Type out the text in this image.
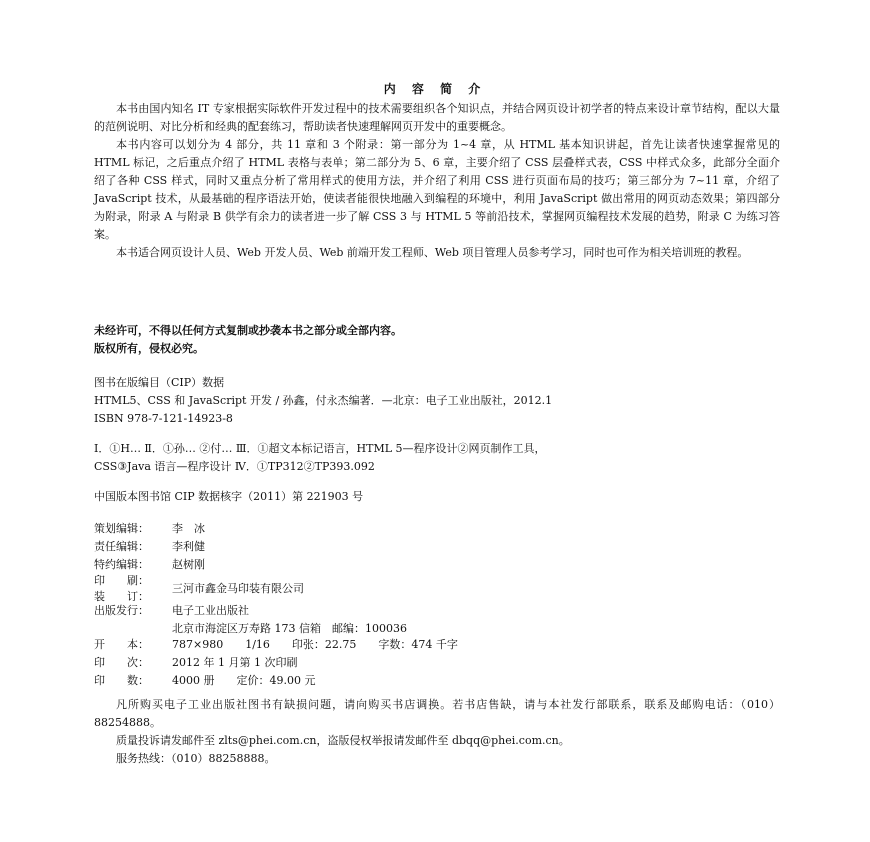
内 容 简 介

本书由国内知名 IT 专家根据实际软件开发过程中的技术需要组织各个知识点，并结合网页设计初学者的特点来设计章节结构，配以大量的范例说明、对比分析和经典的配套练习，帮助读者快速理解网页开发中的重要概念。

本书内容可以划分为 4 部分，共 11 章和 3 个附录：第一部分为 1~4 章，从 HTML 基本知识讲起，首先让读者快速掌握常见的 HTML 标记，之后重点介绍了 HTML 表格与表单；第二部分为 5、6 章，主要介绍了 CSS 层叠样式表，CSS 中样式众多，此部分全面介绍了各种 CSS 样式，同时又重点分析了常用样式的使用方法，并介绍了利用 CSS 进行页面布局的技巧；第三部分为 7~11 章，介绍了 JavaScript 技术，从最基础的程序语法开始，使读者能很快地融入到编程的环境中，利用 JavaScript 做出常用的网页动态效果；第四部分为附录，附录 A 与附录 B 供学有余力的读者进一步了解 CSS 3 与 HTML 5 等前沿技术，掌握网页编程技术发展的趋势，附录 C 为练习答案。

本书适合网页设计人员、Web 开发人员、Web 前端开发工程师、Web 项目管理人员参考学习，同时也可作为相关培训班的教程。

未经许可，不得以任何方式复制或抄袭本书之部分或全部内容。

版权所有，侵权必究。

图书在版编目（CIP）数据

HTML5、CSS 和 JavaScript 开发 / 孙鑫，付永杰编著．—北京：电子工业出版社，2012.1

ISBN 978-7-121-14923-8

Ⅰ．①H… Ⅱ．①孙… ②付… Ⅲ．①超文本标记语言，HTML 5—程序设计②网页制作工具，

CSS③Java 语言—程序设计 Ⅳ．①TP312②TP393.092

中国版本图书馆 CIP 数据核字（2011）第 221903 号

策划编辑： 李　冰
责任编辑： 李利健
特约编辑： 赵树刚
印　　刷：
三河市鑫金马印装有限公司
装　　订：
出版发行： 电子工业出版社
北京市海淀区万寿路 173 信箱　邮编：100036
开　　本： 787×980　　1/16　　印张：22.75　　字数：474 千字
印　　次： 2012 年 1 月第 1 次印刷
印　　数： 4000 册　　定价：49.00 元

凡所购买电子工业出版社图书有缺损问题，请向购买书店调换。若书店售缺，请与本社发行部联系，联系及邮购电话：（010）88254888。

质量投诉请发邮件至 zlts@phei.com.cn，盗版侵权举报请发邮件至 dbqq@phei.com.cn。

服务热线：（010）88258888。
